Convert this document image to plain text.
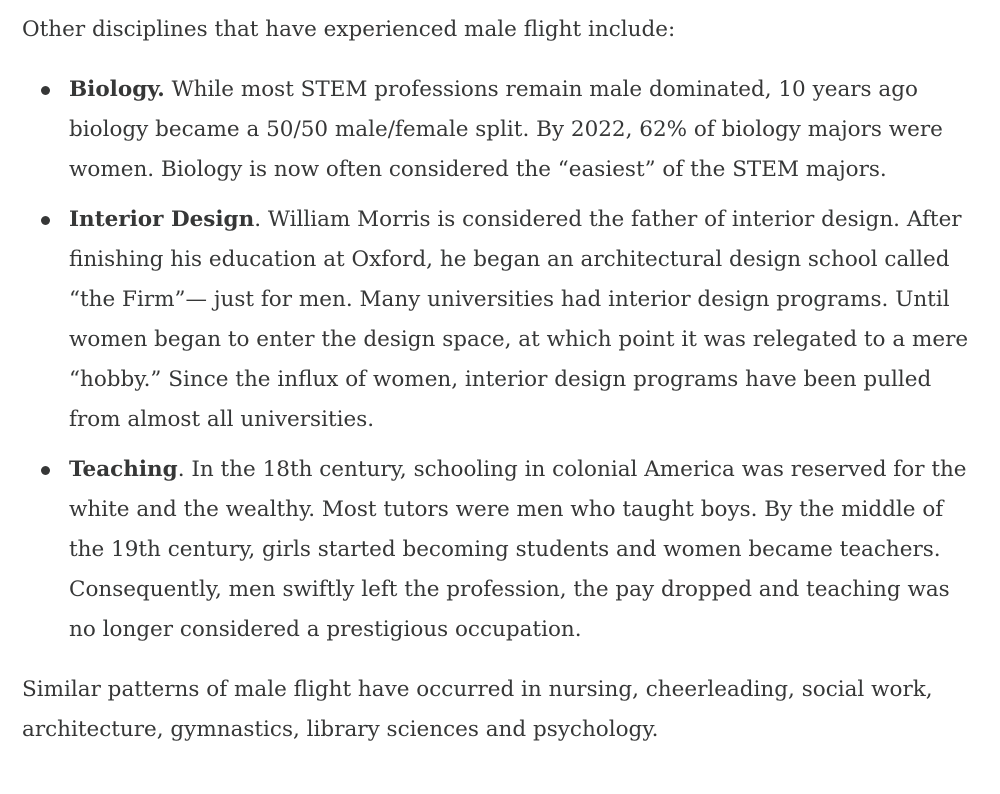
Other disciplines that have experienced male flight include:

Biology. While most STEM professions remain male dominated, 10 years ago biology became a 50/50 male/female split. By 2022, 62% of biology majors were women. Biology is now often considered the “easiest” of the STEM majors.
Interior Design. William Morris is considered the father of interior design. After finishing his education at Oxford, he began an architectural design school called “the Firm”— just for men. Many universities had interior design programs. Until women began to enter the design space, at which point it was relegated to a mere “hobby.” Since the influx of women, interior design programs have been pulled from almost all universities.
Teaching. In the 18th century, schooling in colonial America was reserved for the white and the wealthy. Most tutors were men who taught boys. By the middle of the 19th century, girls started becoming students and women became teachers. Consequently, men swiftly left the profession, the pay dropped and teaching was no longer considered a prestigious occupation.

Similar patterns of male flight have occurred in nursing, cheerleading, social work, architecture, gymnastics, library sciences and psychology.
